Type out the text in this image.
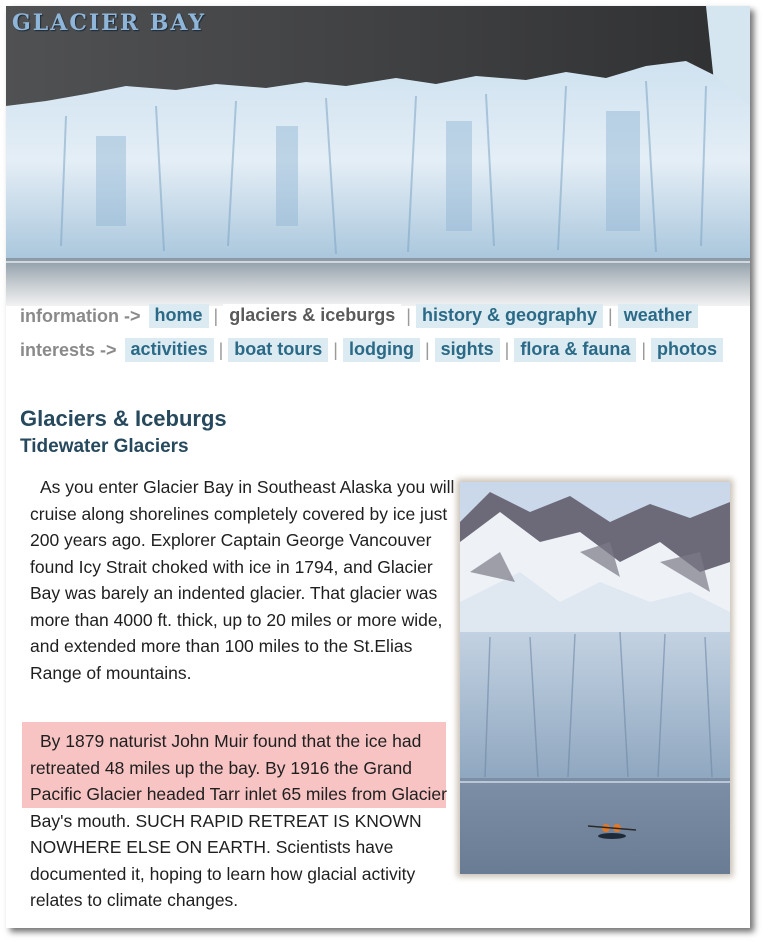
GLACIER BAY
information -> home | glaciers & iceburgs | history & geography | weather
interests -> activities | boat tours | lodging | sights | flora & fauna | photos
Glaciers & Iceburgs
Tidewater Glaciers
As you enter Glacier Bay in Southeast Alaska you will cruise along shorelines completely covered by ice just 200 years ago. Explorer Captain George Vancouver found Icy Strait choked with ice in 1794, and Glacier Bay was barely an indented glacier. That glacier was more than 4000 ft. thick, up to 20 miles or more wide, and extended more than 100 miles to the St.Elias Range of mountains.
By 1879 naturist John Muir found that the ice had retreated 48 miles up the bay. By 1916 the Grand Pacific Glacier headed Tarr inlet 65 miles from Glacier Bay's mouth. SUCH RAPID RETREAT IS KNOWN NOWHERE ELSE ON EARTH. Scientists have documented it, hoping to learn how glacial activity relates to climate changes.
